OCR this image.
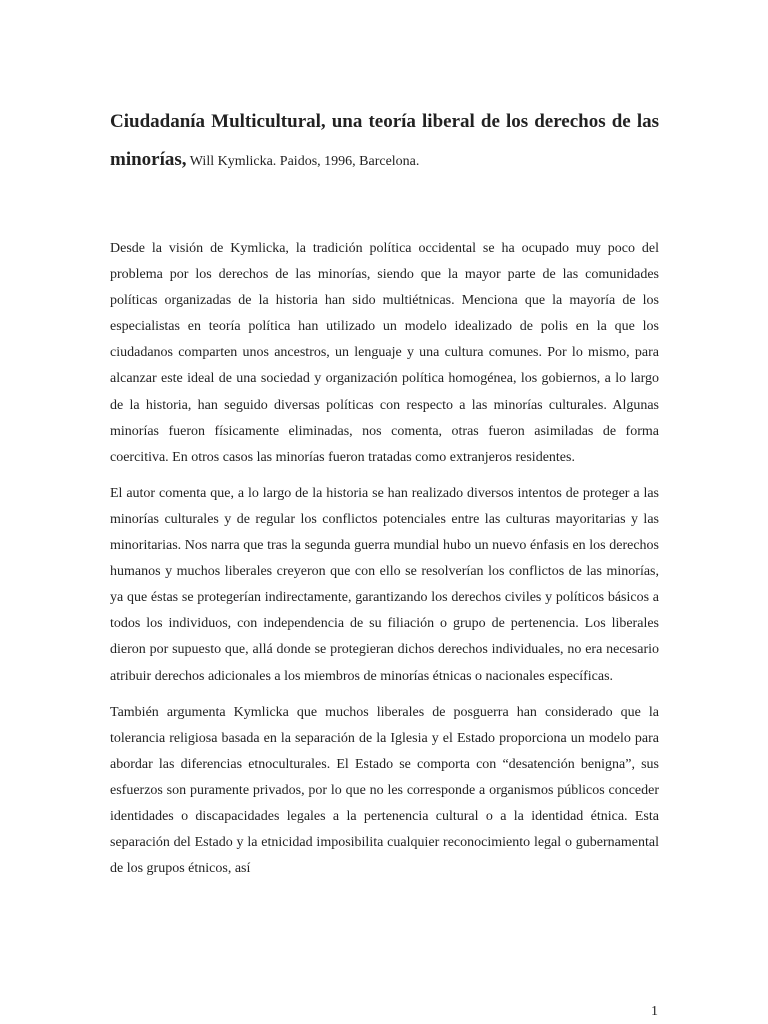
Ciudadanía Multicultural, una teoría liberal de los derechos de las minorías, Will Kymlicka. Paidos, 1996, Barcelona.

Desde la visión de Kymlicka, la tradición política occidental se ha ocupado muy poco del problema por los derechos de las minorías, siendo que la mayor parte de las comunidades políticas organizadas de la historia han sido multiétnicas. Menciona que la mayoría de los especialistas en teoría política han utilizado un modelo idealizado de polis en la que los ciudadanos comparten unos ancestros, un lenguaje y una cultura comunes. Por lo mismo, para alcanzar este ideal de una sociedad y organización política homogénea, los gobiernos, a lo largo de la historia, han seguido diversas políticas con respecto a las minorías culturales. Algunas minorías fueron físicamente eliminadas, nos comenta, otras fueron asimiladas de forma coercitiva. En otros casos las minorías fueron tratadas como extranjeros residentes.

El autor comenta que, a lo largo de la historia se han realizado diversos intentos de proteger a las minorías culturales y de regular los conflictos potenciales entre las culturas mayoritarias y las minoritarias. Nos narra que tras la segunda guerra mundial hubo un nuevo énfasis en los derechos humanos y muchos liberales creyeron que con ello se resolverían los conflictos de las minorías, ya que éstas se protegerían indirectamente, garantizando los derechos civiles y políticos básicos a todos los individuos, con independencia de su filiación o grupo de pertenencia. Los liberales dieron por supuesto que, allá donde se protegieran dichos derechos individuales, no era necesario atribuir derechos adicionales a los miembros de minorías étnicas o nacionales específicas.

También argumenta Kymlicka que muchos liberales de posguerra han considerado que la tolerancia religiosa basada en la separación de la Iglesia y el Estado proporciona un modelo para abordar las diferencias etnoculturales. El Estado se comporta con “desatención benigna”, sus esfuerzos son puramente privados, por lo que no les corresponde a organismos públicos conceder identidades o discapacidades legales a la pertenencia cultural o a la identidad étnica. Esta separación del Estado y la etnicidad imposibilita cualquier reconocimiento legal o gubernamental de los grupos étnicos, así

1
